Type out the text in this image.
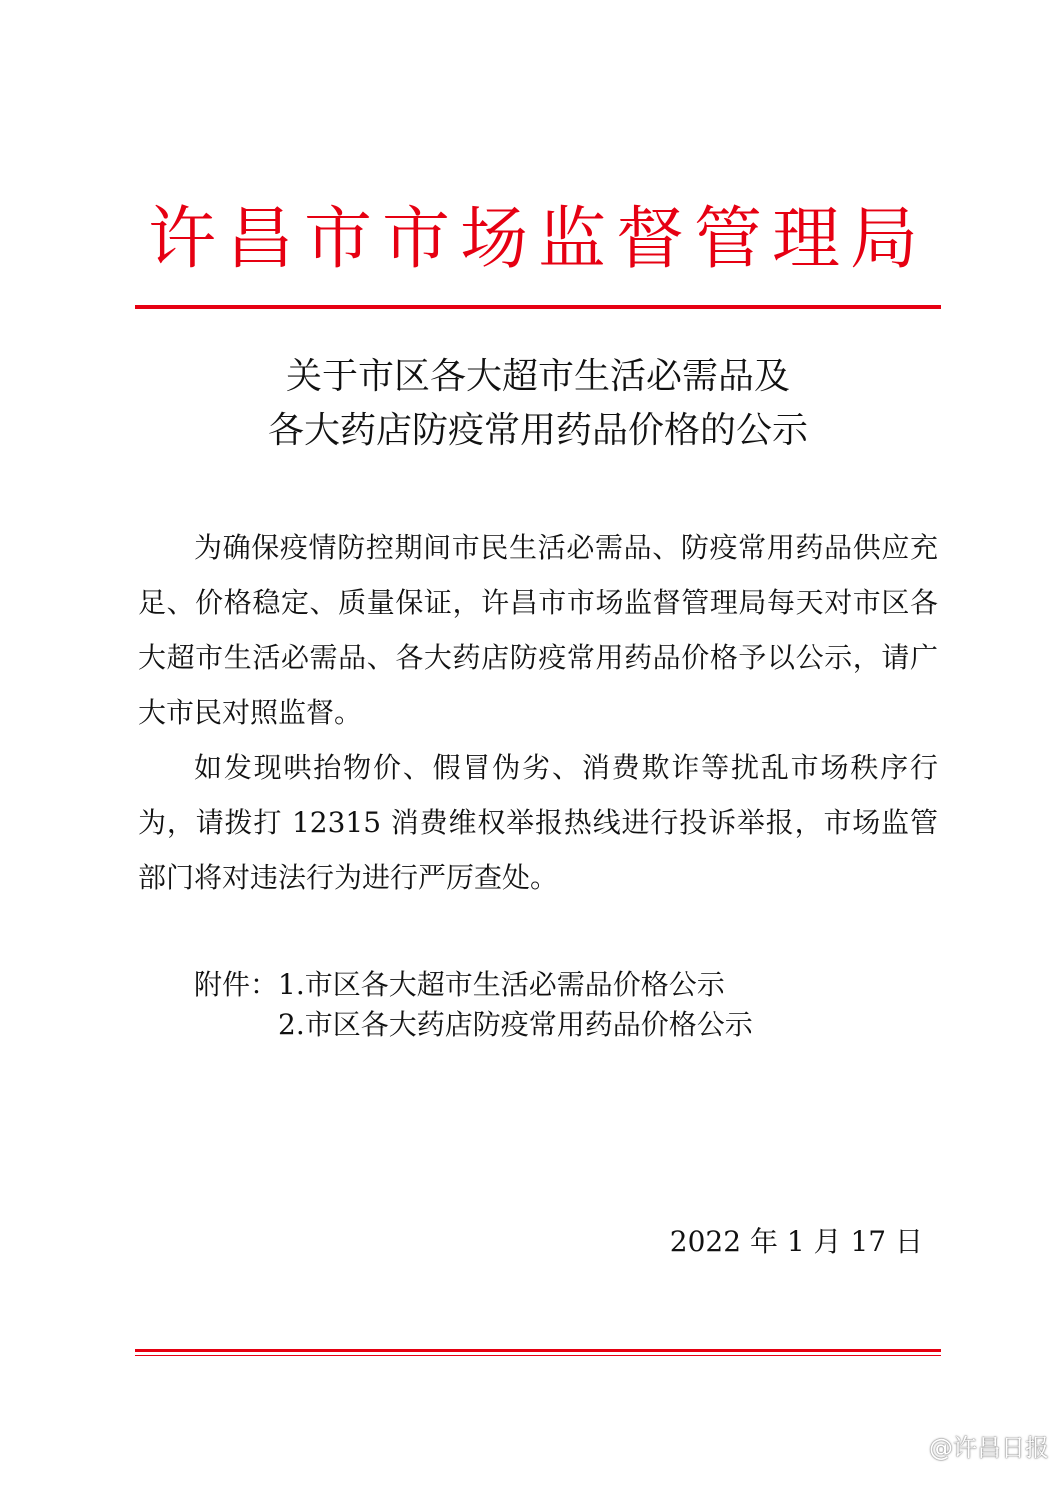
许昌市市场监督管理局
关于市区各大超市生活必需品及
各大药店防疫常用药品价格的公示

为确保疫情防控期间市民生活必需品、防疫常用药品供应充足、价格稳定、质量保证，许昌市市场监督管理局每天对市区各大超市生活必需品、各大药店防疫常用药品价格予以公示，请广大市民对照监督。

如发现哄抬物价、假冒伪劣、消费欺诈等扰乱市场秩序行为，请拨打 12315 消费维权举报热线进行投诉举报，市场监管部门将对违法行为进行严厉查处。

附件： 1.市区各大超市生活必需品价格公示
2.市区各大药店防疫常用药品价格公示
2022 年 1 月 17 日
@许昌日报
